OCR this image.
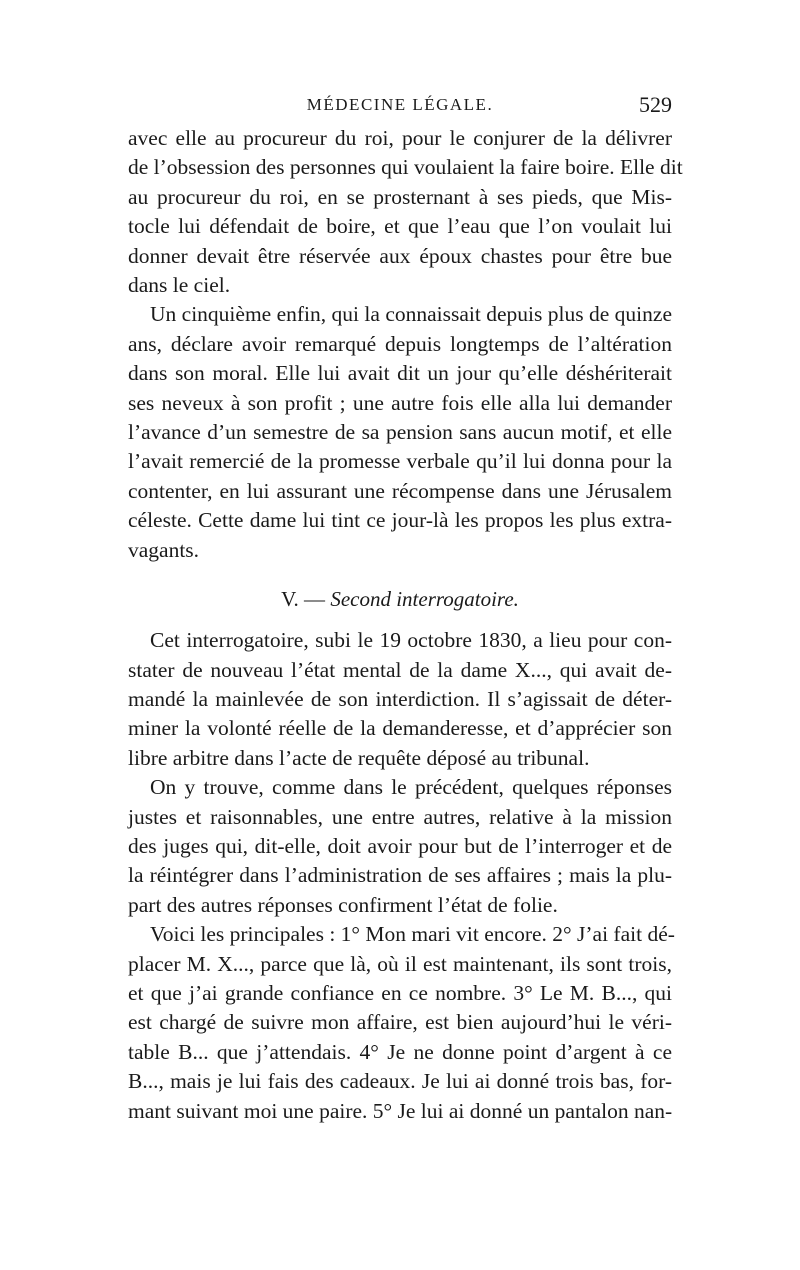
MÉDECINE LÉGALE.	529

avec elle au procureur du roi, pour le conjurer de la délivrer
de l’obsession des personnes qui voulaient la faire boire. Elle dit
au procureur du roi, en se prosternant à ses pieds, que Mis-
tocle lui défendait de boire, et que l’eau que l’on voulait lui
donner devait être réservée aux époux chastes pour être bue
dans le ciel.

Un cinquième enfin, qui la connaissait depuis plus de quinze
ans, déclare avoir remarqué depuis longtemps de l’altération
dans son moral. Elle lui avait dit un jour qu’elle déshériterait
ses neveux à son profit ; une autre fois elle alla lui demander
l’avance d’un semestre de sa pension sans aucun motif, et elle
l’avait remercié de la promesse verbale qu’il lui donna pour la
contenter, en lui assurant une récompense dans une Jérusalem
céleste. Cette dame lui tint ce jour-là les propos les plus extra-
vagants.

V. — Second interrogatoire.

Cet interrogatoire, subi le 19 octobre 1830, a lieu pour con-
stater de nouveau l’état mental de la dame X..., qui avait de-
mandé la mainlevée de son interdiction. Il s’agissait de déter-
miner la volonté réelle de la demanderesse, et d’apprécier son
libre arbitre dans l’acte de requête déposé au tribunal.

On y trouve, comme dans le précédent, quelques réponses
justes et raisonnables, une entre autres, relative à la mission
des juges qui, dit-elle, doit avoir pour but de l’interroger et de
la réintégrer dans l’administration de ses affaires ; mais la plu-
part des autres réponses confirment l’état de folie.

Voici les principales : 1° Mon mari vit encore. 2° J’ai fait dé-
placer M. X..., parce que là, où il est maintenant, ils sont trois,
et que j’ai grande confiance en ce nombre. 3° Le M. B..., qui
est chargé de suivre mon affaire, est bien aujourd’hui le véri-
table B... que j’attendais. 4° Je ne donne point d’argent à ce
B..., mais je lui fais des cadeaux. Je lui ai donné trois bas, for-
mant suivant moi une paire. 5° Je lui ai donné un pantalon nan-
